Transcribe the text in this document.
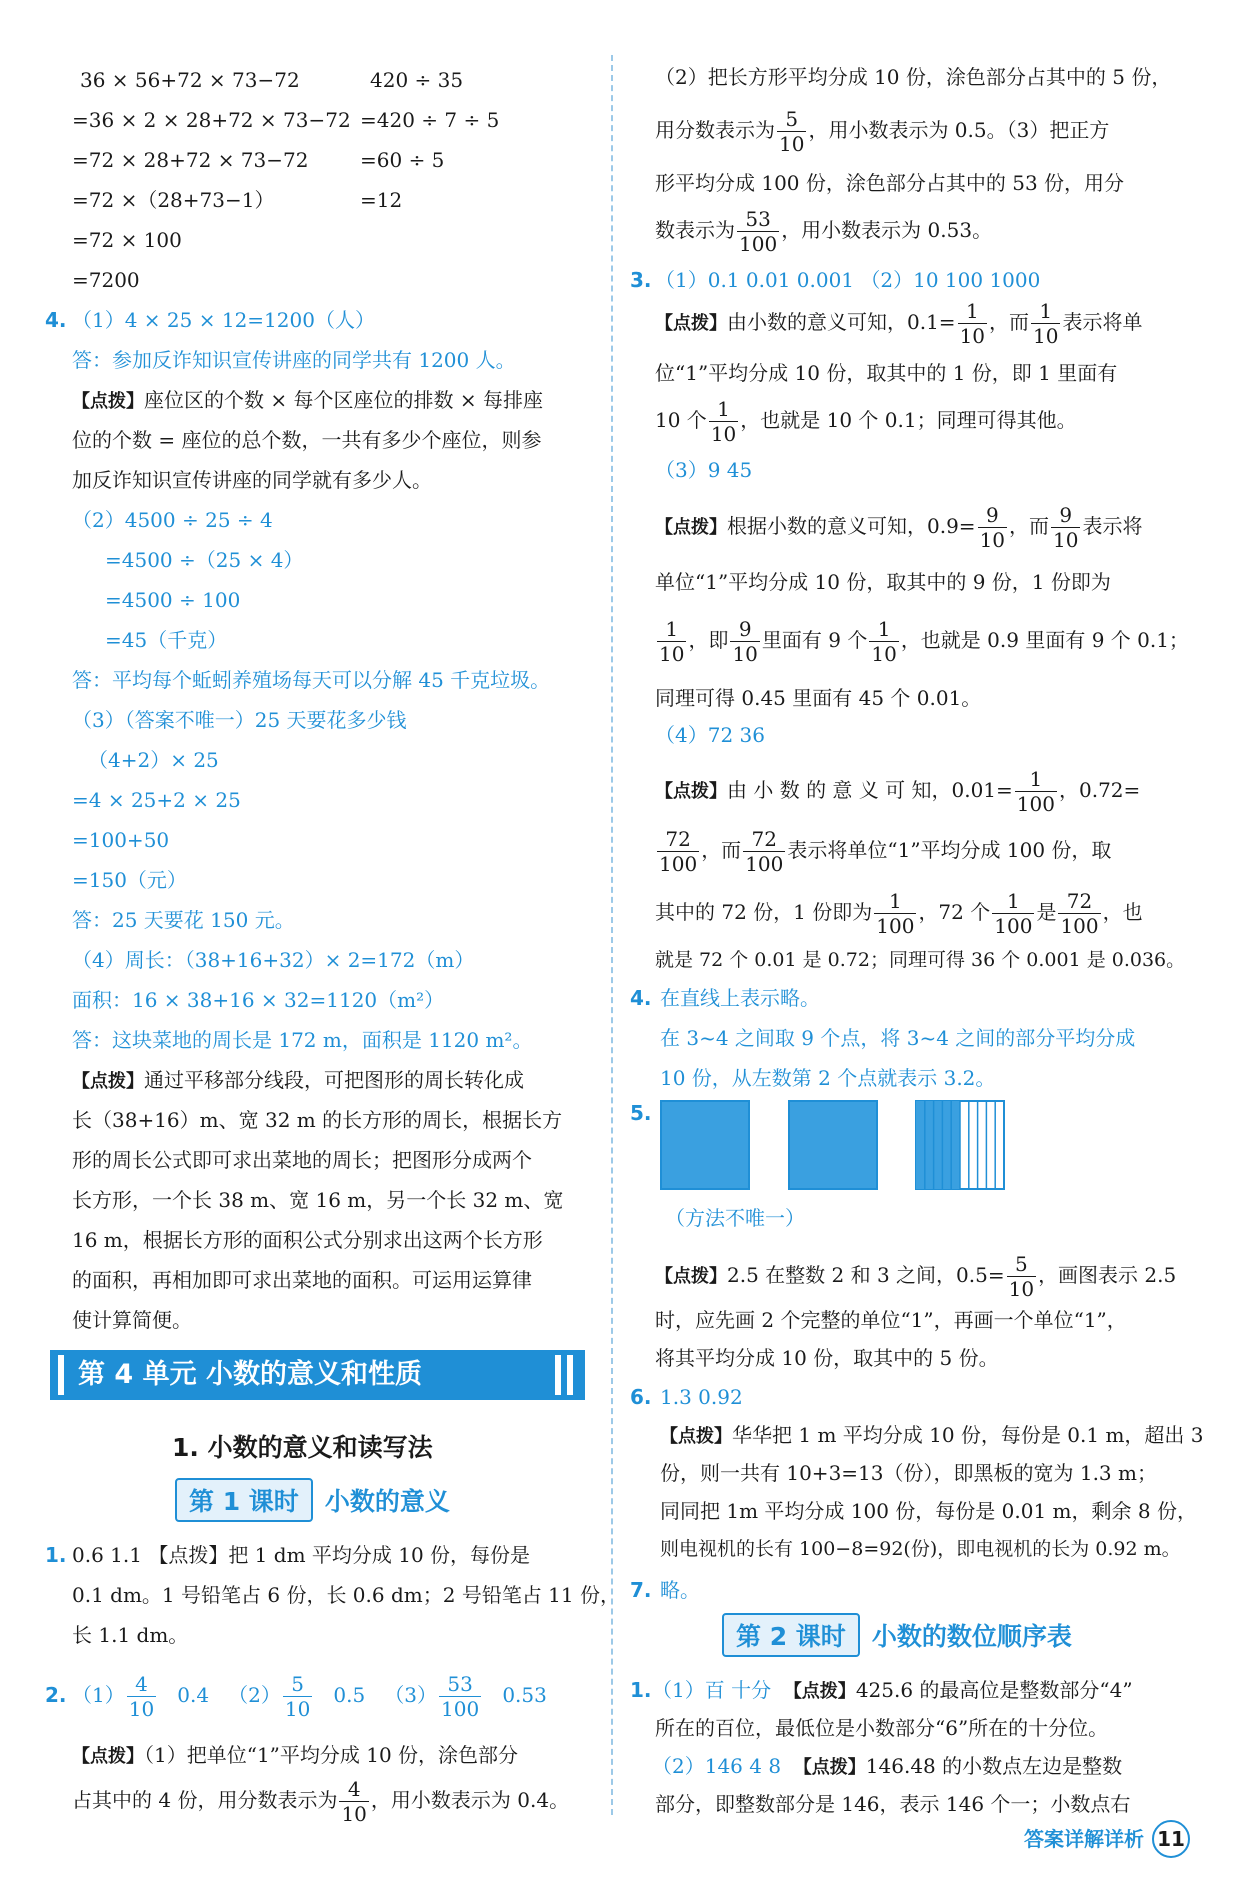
36 × 56+72 × 73−72
=36 × 2 × 28+72 × 73−72
=72 × 28+72 × 73−72
=72 ×（28+73−1）
=72 × 100
=7200
420 ÷ 35
=420 ÷ 7 ÷ 5
=60 ÷ 5
=12
4. （1）4 × 25 × 12=1200（人）
答：参加反诈知识宣传讲座的同学共有 1200 人。
【点拨】座位区的个数 × 每个区座位的排数 × 每排座
位的个数 = 座位的总个数，一共有多少个座位，则参
加反诈知识宣传讲座的同学就有多少人。
（2）4500 ÷ 25 ÷ 4
=4500 ÷（25 × 4）
=4500 ÷ 100
=45（千克）
答：平均每个蚯蚓养殖场每天可以分解 45 千克垃圾。
（3）（答案不唯一）25 天要花多少钱
（4+2）× 25
=4 × 25+2 × 25
=100+50
=150（元）
答：25 天要花 150 元。
（4）周长：（38+16+32）× 2=172（m）
面积：16 × 38+16 × 32=1120（m²）
答：这块菜地的周长是 172 m，面积是 1120 m²。
【点拨】通过平移部分线段，可把图形的周长转化成
长（38+16）m、宽 32 m 的长方形的周长，根据长方
形的周长公式即可求出菜地的周长；把图形分成两个
长方形，一个长 38 m、宽 16 m，另一个长 32 m、宽
16 m，根据长方形的面积公式分别求出这两个长方形
的面积，再相加即可求出菜地的面积。可运用运算律
使计算简便。
第 4 单元 小数的意义和性质
1. 小数的意义和读写法
第 1 课时 小数的意义
1. 0.6 1.1 【点拨】把 1 dm 平均分成 10 份，每份是
0.1 dm。1 号铅笔占 6 份，长 0.6 dm；2 号铅笔占 11 份，
长 1.1 dm。
2. $(1) \frac{4}{10} 0.4$ $(2) \frac{5}{10} 0.5$ $(3) \frac{53}{100} 0.53$
【点拨】（1）把单位“1”平均分成 10 份，涂色部分
占其中的 4 份，用分数表示为 $\frac{4}{10}$ ，用小数表示为 0.4。
（2）把长方形平均分成 10 份，涂色部分占其中的 5 份，
用分数表示为 $\frac{5}{10}$ ，用小数表示为 0.5。（3）把正方
形平均分成 100 份，涂色部分占其中的 53 份，用分
数表示为 $\frac{53}{100}$ ，用小数表示为 0.53。
3. （1）0.1 0.01 0.001 （2）10 100 1000
【点拨】由小数的意义可知，$0.1= \frac{1}{10}$ ，而 $\frac{1}{10}$ 表示将单
位“1”平均分成 10 份，取其中的 1 份，即 1 里面有
10 个 $\frac{1}{10}$ ，也就是 10 个 0.1；同理可得其他。
（3）9 45
【点拨】根据小数的意义可知，$0.9= \frac{9}{10}$ ，而 $\frac{9}{10}$ 表示将
单位“1”平均分成 10 份，取其中的 9 份，1 份即为
$\frac{1}{10}$ ，即 $\frac{9}{10}$ 里面有 9 个 $\frac{1}{10}$ ，也就是 0.9 里面有 9 个 0.1；
同理可得 0.45 里面有 45 个 0.01。
（4）72 36
【点拨】由 小 数 的 意 义 可 知，$0.01= \frac{1}{100}$ ，0.72=
$\frac{72}{100}$ ，而 $\frac{72}{100}$ 表示将单位“1”平均分成 100 份，取
其中的 72 份，1 份即为 $\frac{1}{100}$ ，72 个 $\frac{1}{100}$ 是 $\frac{72}{100}$ ，也
就是 72 个 0.01 是 0.72；同理可得 36 个 0.001 是 0.036。
4. 在直线上表示略。
在 3~4 之间取 9 个点，将 3~4 之间的部分平均分成
10 份，从左数第 2 个点就表示 3.2。
5.
（方法不唯一）
【点拨】2.5 在整数 2 和 3 之间，$0.5= \frac{5}{10}$ ，画图表示 2.5
时，应先画 2 个完整的单位“1”，再画一个单位“1”，
将其平均分成 10 份，取其中的 5 份。
6. 1.3 0.92
【点拨】华华把 1 m 平均分成 10 份，每份是 0.1 m，超出 3
份，则一共有 10+3=13（份），即黑板的宽为 1.3 m；
同同把 1m 平均分成 100 份，每份是 0.01 m，剩余 8 份，
则电视机的长有 100−8=92(份)，即电视机的长为 0.92 m。
7. 略。
第 2 课时 小数的数位顺序表
1. （1）百 十分 【点拨】425.6 的最高位是整数部分“4”
所在的百位，最低位是小数部分“6”所在的十分位。
（2）146 4 8 【点拨】146.48 的小数点左边是整数
部分，即整数部分是 146，表示 146 个一；小数点右
答案详解详析 11
